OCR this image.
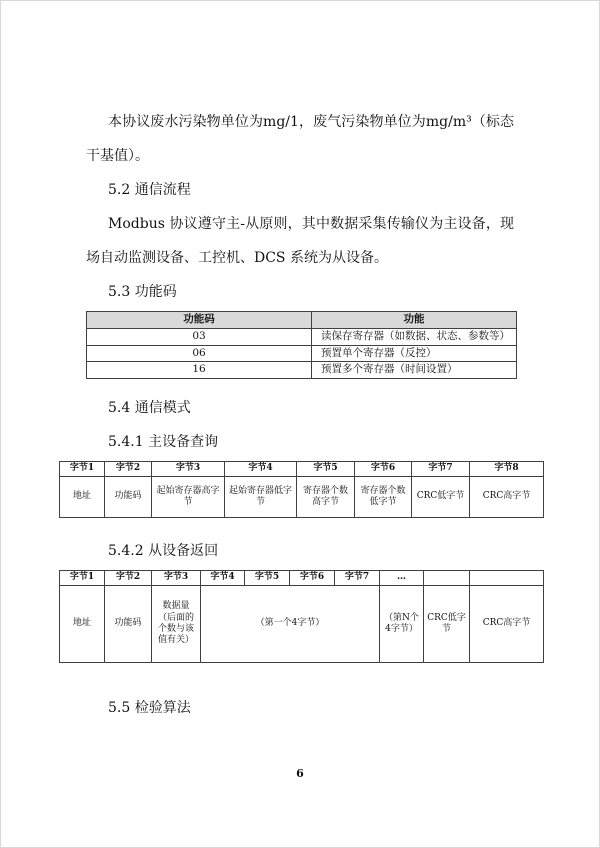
本协议废水污染物单位为mg/1，废气污染物单位为mg/m³（标态干基值）。

5.2 通信流程

Modbus 协议遵守主-从原则，其中数据采集传输仪为主设备，现场自动监测设备、工控机、DCS 系统为从设备。

5.3 功能码
功能码	功能
03	读保存寄存器（如数据、状态、参数等）
06	预置单个寄存器（反控）
16	预置多个寄存器（时间设置）
5.4 通信模式
5.4.1 主设备查询
字节1	字节2	字节3	字节4	字节5	字节6	字节7	字节8
地址	功能码	起始寄存器高字节	起始寄存器低字节	寄存器个数高字节	寄存器个数低字节	CRC低字节	CRC高字节
5.4.2 从设备返回
字节1	字节2	字节3	字节4	字节5	字节6	字节7	…		
地址	功能码	数据量（后面的个数与该值有关）	（第一个4字节）				（第N个4字节）	CRC低字节	CRC高字节
5.5 检验算法
6
